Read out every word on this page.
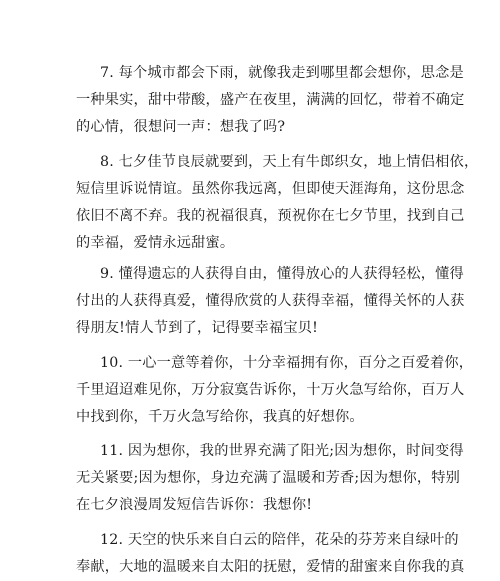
7. 每个城市都会下雨，就像我走到哪里都会想你，思念是
一种果实，甜中带酸，盛产在夜里，满满的回忆，带着不确定
的心情，很想问一声：想我了吗?

8. 七夕佳节良辰就要到，天上有牛郎织女，地上情侣相依，
短信里诉说情谊。虽然你我远离，但即使天涯海角，这份思念
依旧不离不弃。我的祝福很真，预祝你在七夕节里，找到自己
的幸福，爱情永远甜蜜。

9. 懂得遗忘的人获得自由，懂得放心的人获得轻松，懂得
付出的人获得真爱，懂得欣赏的人获得幸福，懂得关怀的人获
得朋友!情人节到了，记得要幸福宝贝!

10. 一心一意等着你，十分幸福拥有你，百分之百爱着你，
千里迢迢难见你，万分寂寞告诉你，十万火急写给你，百万人
中找到你，千万火急写给你，我真的好想你。

11. 因为想你，我的世界充满了阳光;因为想你，时间变得
无关紧要;因为想你，身边充满了温暖和芳香;因为想你，特别
在七夕浪漫周发短信告诉你：我想你!

12. 天空的快乐来自白云的陪伴，花朵的芬芳来自绿叶的
奉献，大地的温暖来自太阳的抚慰，爱情的甜蜜来自你我的真
